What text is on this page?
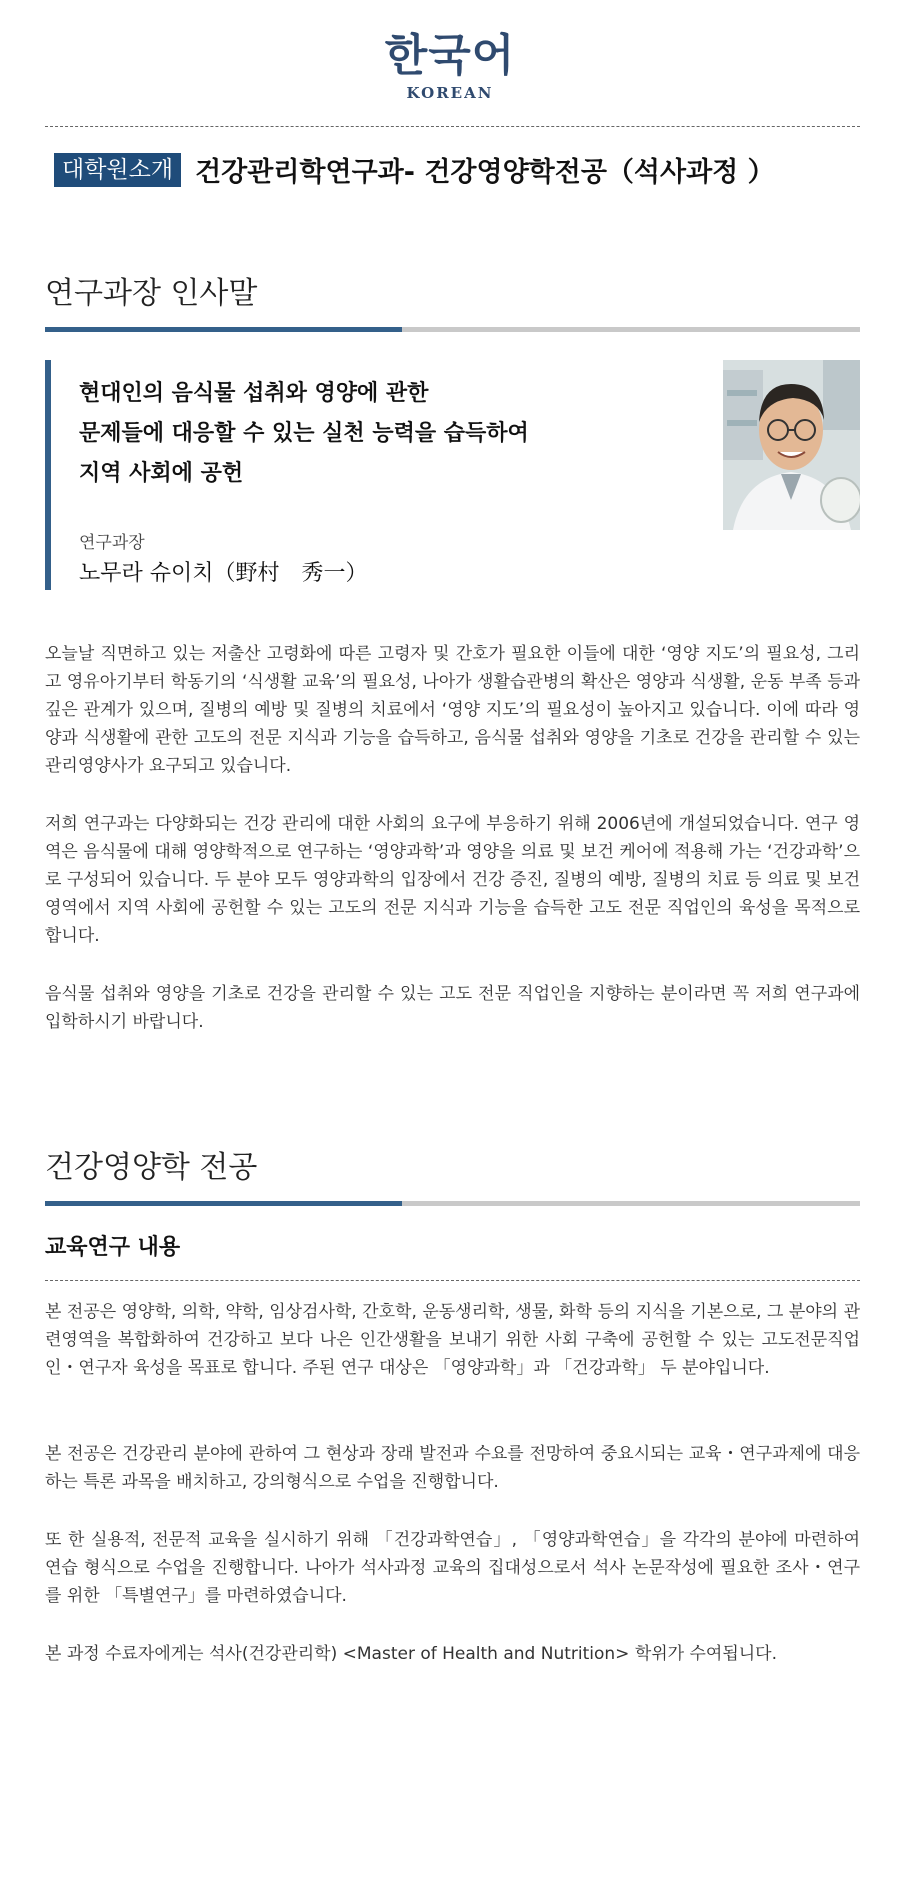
한국어
KOREAN
대학원소개 건강관리학연구과- 건강영양학전공（석사과정 ）
연구과장 인사말
현대인의 음식물 섭취와 영양에 관한
문제들에 대응할 수 있는 실천 능력을 습득하여
지역 사회에 공헌
연구과장
노무라 슈이치（野村　秀一）
오늘날 직면하고 있는 저출산 고령화에 따른 고령자 및 간호가 필요한 이들에 대한 ‘영양 지도’의 필요성, 그리고 영유아기부터 학동기의 ‘식생활 교육’의 필요성, 나아가 생활습관병의 확산은 영양과 식생활, 운동 부족 등과 깊은 관계가 있으며, 질병의 예방 및 질병의 치료에서 ‘영양 지도’의 필요성이 높아지고 있습니다. 이에 따라 영양과 식생활에 관한 고도의 전문 지식과 기능을 습득하고, 음식물 섭취와 영양을 기초로 건강을 관리할 수 있는 관리영양사가 요구되고 있습니다.
저희 연구과는 다양화되는 건강 관리에 대한 사회의 요구에 부응하기 위해 2006년에 개설되었습니다. 연구 영역은 음식물에 대해 영양학적으로 연구하는 ‘영양과학’과 영양을 의료 및 보건 케어에 적용해 가는 ‘건강과학’으로 구성되어 있습니다. 두 분야 모두 영양과학의 입장에서 건강 증진, 질병의 예방, 질병의 치료 등 의료 및 보건 영역에서 지역 사회에 공헌할 수 있는 고도의 전문 지식과 기능을 습득한 고도 전문 직업인의 육성을 목적으로 합니다.
음식물 섭취와 영양을 기초로 건강을 관리할 수 있는 고도 전문 직업인을 지향하는 분이라면 꼭 저희 연구과에 입학하시기 바랍니다.
건강영양학 전공
교육연구 내용
본 전공은 영양학, 의학, 약학, 임상검사학, 간호학, 운동생리학, 생물, 화학 등의 지식을 기본으로, 그 분야의 관련영역을 복합화하여 건강하고 보다 나은 인간생활을 보내기 위한 사회 구축에 공헌할 수 있는 고도전문직업인・연구자 육성을 목표로 합니다. 주된 연구 대상은 「영양과학」과 「건강과학」 두 분야입니다.
본 전공은 건강관리 분야에 관하여 그 현상과 장래 발전과 수요를 전망하여 중요시되는 교육・연구과제에 대응하는 특론 과목을 배치하고, 강의형식으로 수업을 진행합니다.
또 한 실용적, 전문적 교육을 실시하기 위해 「건강과학연습」, 「영양과학연습」을 각각의 분야에 마련하여 연습 형식으로 수업을 진행합니다. 나아가 석사과정 교육의 집대성으로서 석사 논문작성에 필요한 조사・연구를 위한 「특별연구」를 마련하였습니다.
본 과정 수료자에게는 석사(건강관리학) <Master of Health and Nutrition> 학위가 수여됩니다.
